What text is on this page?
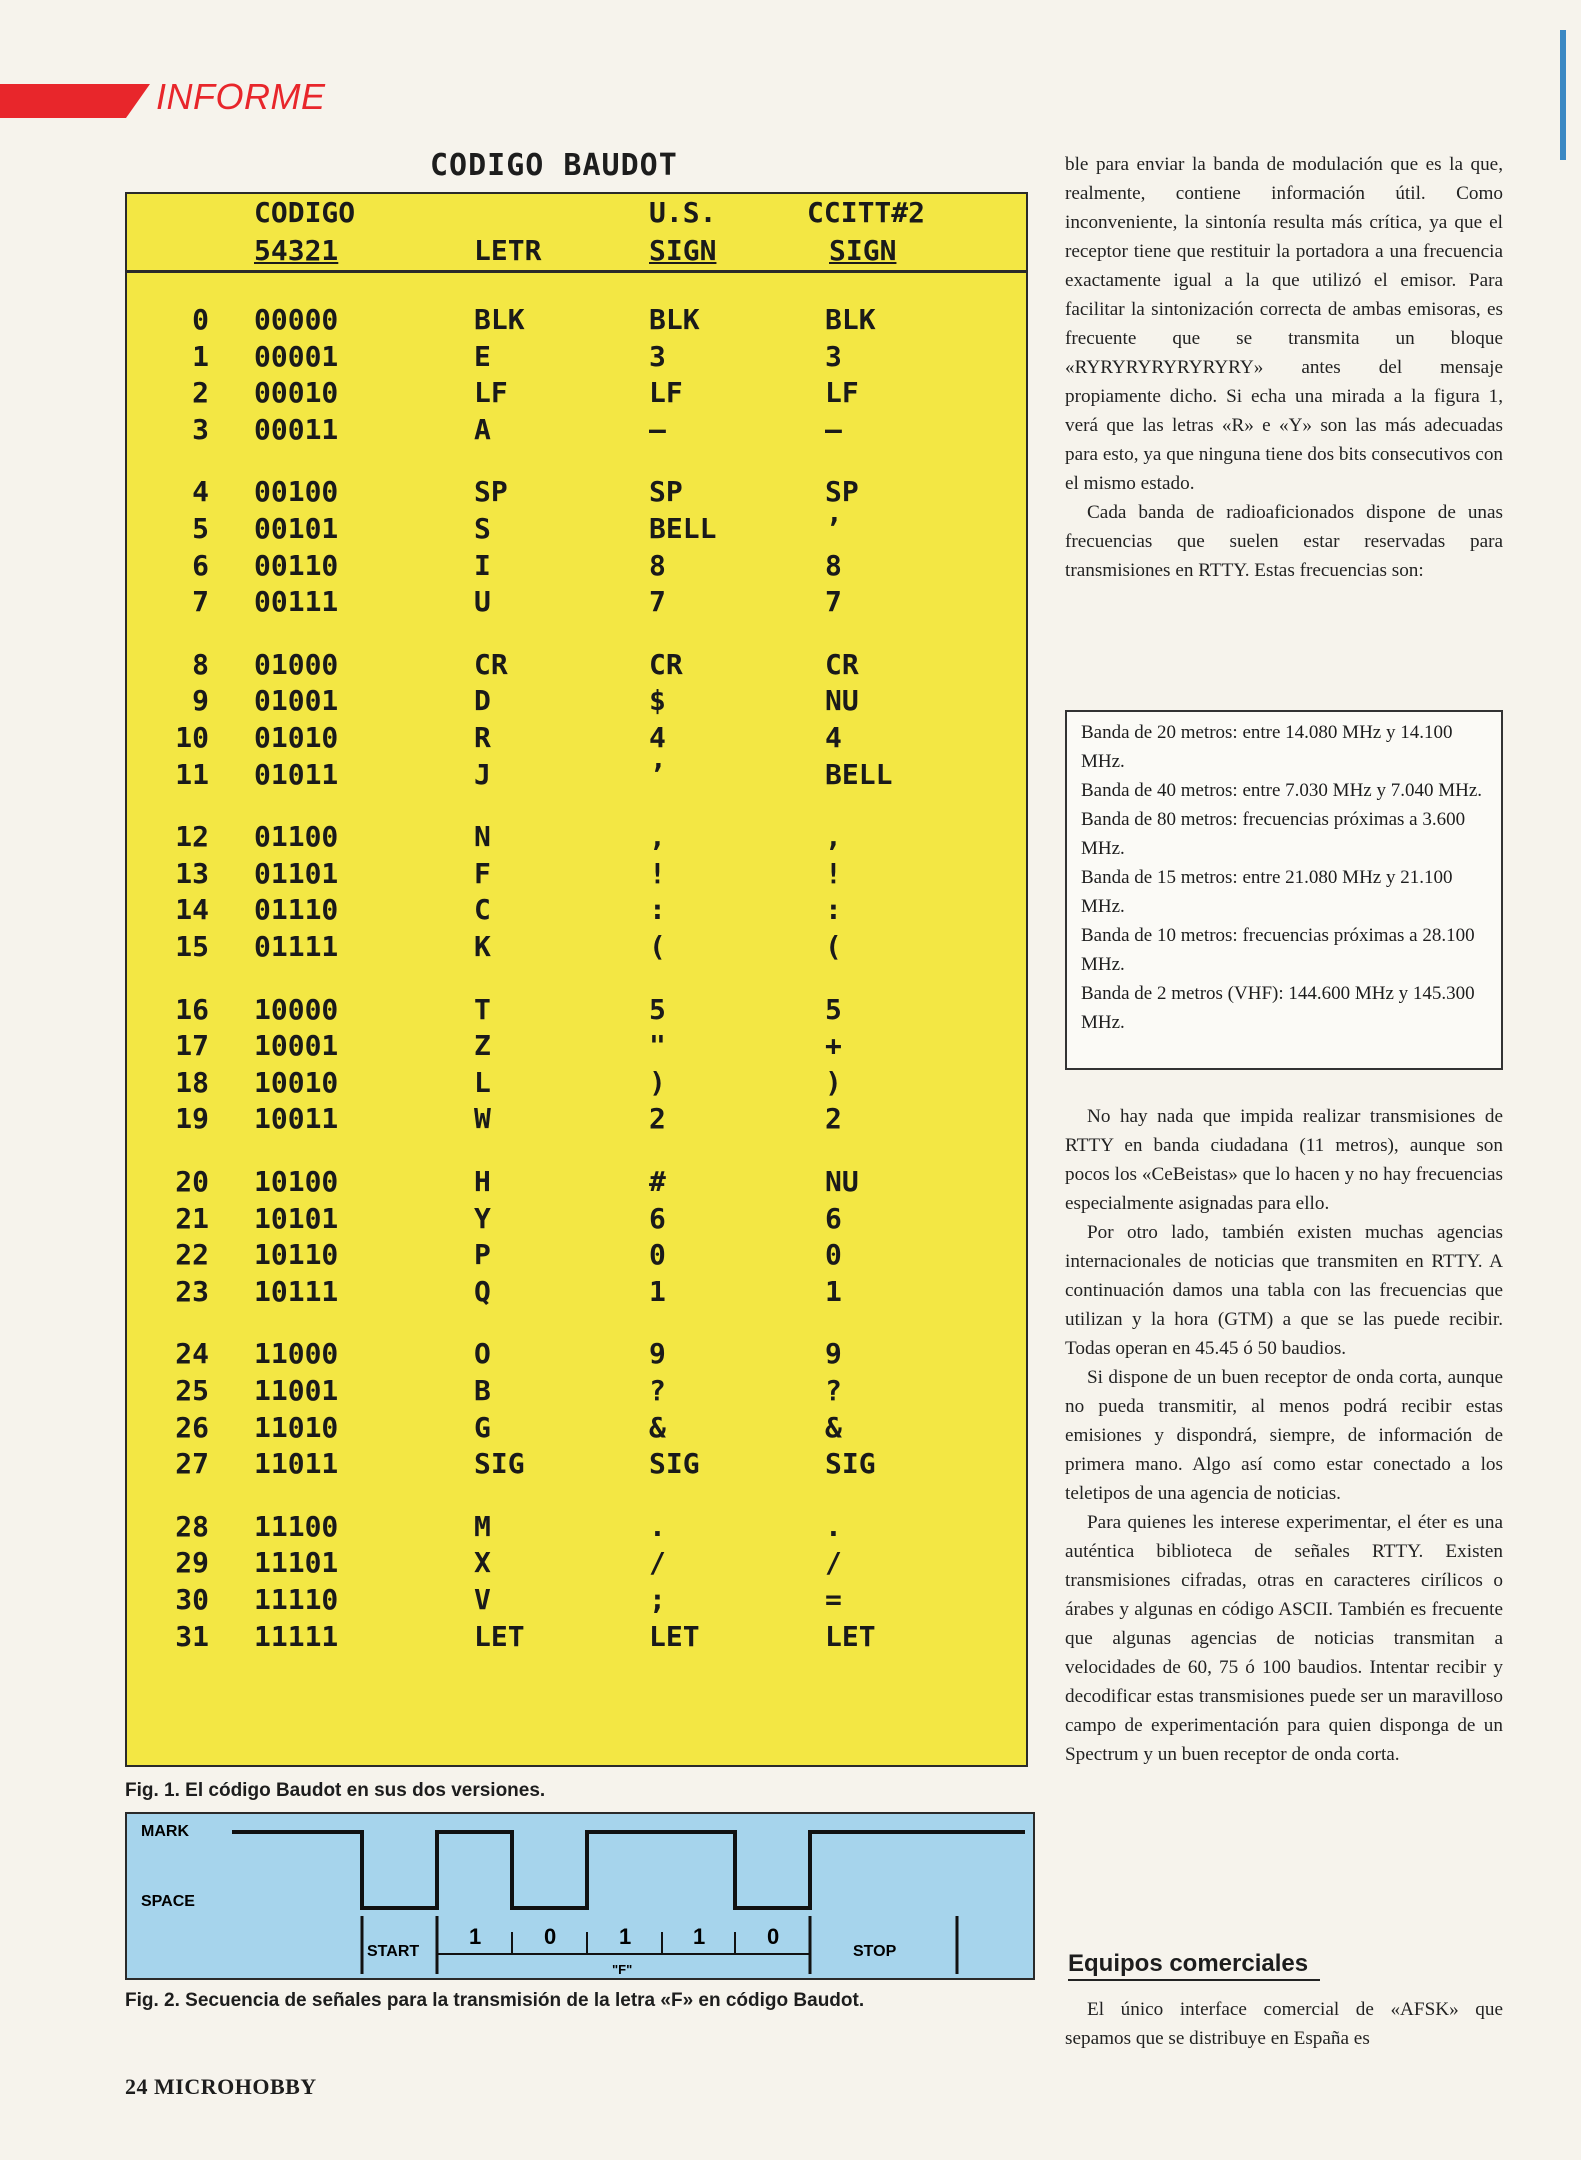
INFORME
CODIGO BAUDOT
CODIGO
54321	LETR
U.S.
SIGN
CCITT#2
SIGN
0 00000	BLK	BLK	BLK
1 00001	E	3	3
2 00010	LF	LF	LF
3 00011	A	—	—
4 00100	SP	SP	SP
5 00101	S	BELL	’
6 00110	I	8	8
7 00111	U	7	7
8 01000	CR	CR	CR
9 01001	D	$	NU
10 01010	R	4	4
11 01011	J	’	BELL
12 01100	N	,	,
13 01101	F	!	!
14 01110	C	:	:
15 01111	K	(	(
16 10000	T	5	5
17 10001	Z	"	+
18 10010	L	)	)
19 10011	W	2	2
20 10100	H	#	NU
21 10101	Y	6	6
22 10110	P	0	0
23 10111	Q	1	1
24 11000	O	9	9
25 11001	B	?	?
26 11010	G	&	&
27 11011	SIG	SIG	SIG
28 11100	M	.	.
29 11101	X	/	/
30 11110	V	;	=
31 11111	LET	LET	LET
Fig. 1. El código Baudot en sus dos versiones.
MARK
SPACE
START	STOP
1	0	1	1	0
"F"
Fig. 2. Secuencia de señales para la transmisión de la letra «F» en código Baudot.
24 MICROHOBBY

ble para enviar la banda de modulación que es la que, realmente, contiene información útil. Como inconveniente, la sintonía resulta más crítica, ya que el receptor tiene que restituir la portadora a una frecuencia exactamente igual a la que utilizó el emisor. Para facilitar la sintonización correcta de ambas emisoras, es frecuente que se transmita un bloque «RYRYRYRYRYRYRY» antes del mensaje propiamente dicho. Si echa una mirada a la figura 1, verá que las letras «R» e «Y» son las más adecuadas para esto, ya que ninguna tiene dos bits consecutivos con el mismo estado.

Cada banda de radioaficionados dispone de unas frecuencias que suelen estar reservadas para transmisiones en RTTY. Estas frecuencias son:

Banda de 20 metros: entre 14.080 MHz y 14.100 MHz.
Banda de 40 metros: entre 7.030 MHz y 7.040 MHz.
Banda de 80 metros: frecuencias próximas a 3.600 MHz.
Banda de 15 metros: entre 21.080 MHz y 21.100 MHz.
Banda de 10 metros: frecuencias próximas a 28.100 MHz.
Banda de 2 metros (VHF): 144.600 MHz y 145.300 MHz.

No hay nada que impida realizar transmisiones de RTTY en banda ciudadana (11 metros), aunque son pocos los «CeBeistas» que lo hacen y no hay frecuencias especialmente asignadas para ello.

Por otro lado, también existen muchas agencias internacionales de noticias que transmiten en RTTY. A continuación damos una tabla con las frecuencias que utilizan y la hora (GTM) a que se las puede recibir. Todas operan en 45.45 ó 50 baudios.

Si dispone de un buen receptor de onda corta, aunque no pueda transmitir, al menos podrá recibir estas emisiones y dispondrá, siempre, de información de primera mano. Algo así como estar conectado a los teletipos de una agencia de noticias.

Para quienes les interese experimentar, el éter es una auténtica biblioteca de señales RTTY. Existen transmisiones cifradas, otras en caracteres cirílicos o árabes y algunas en código ASCII. También es frecuente que algunas agencias de noticias transmitan a velocidades de 60, 75 ó 100 baudios. Intentar recibir y decodificar estas transmisiones puede ser un maravilloso campo de experimentación para quien disponga de un Spectrum y un buen receptor de onda corta.

Equipos comerciales

El único interface comercial de «AFSK» que sepamos que se distribuye en España es
